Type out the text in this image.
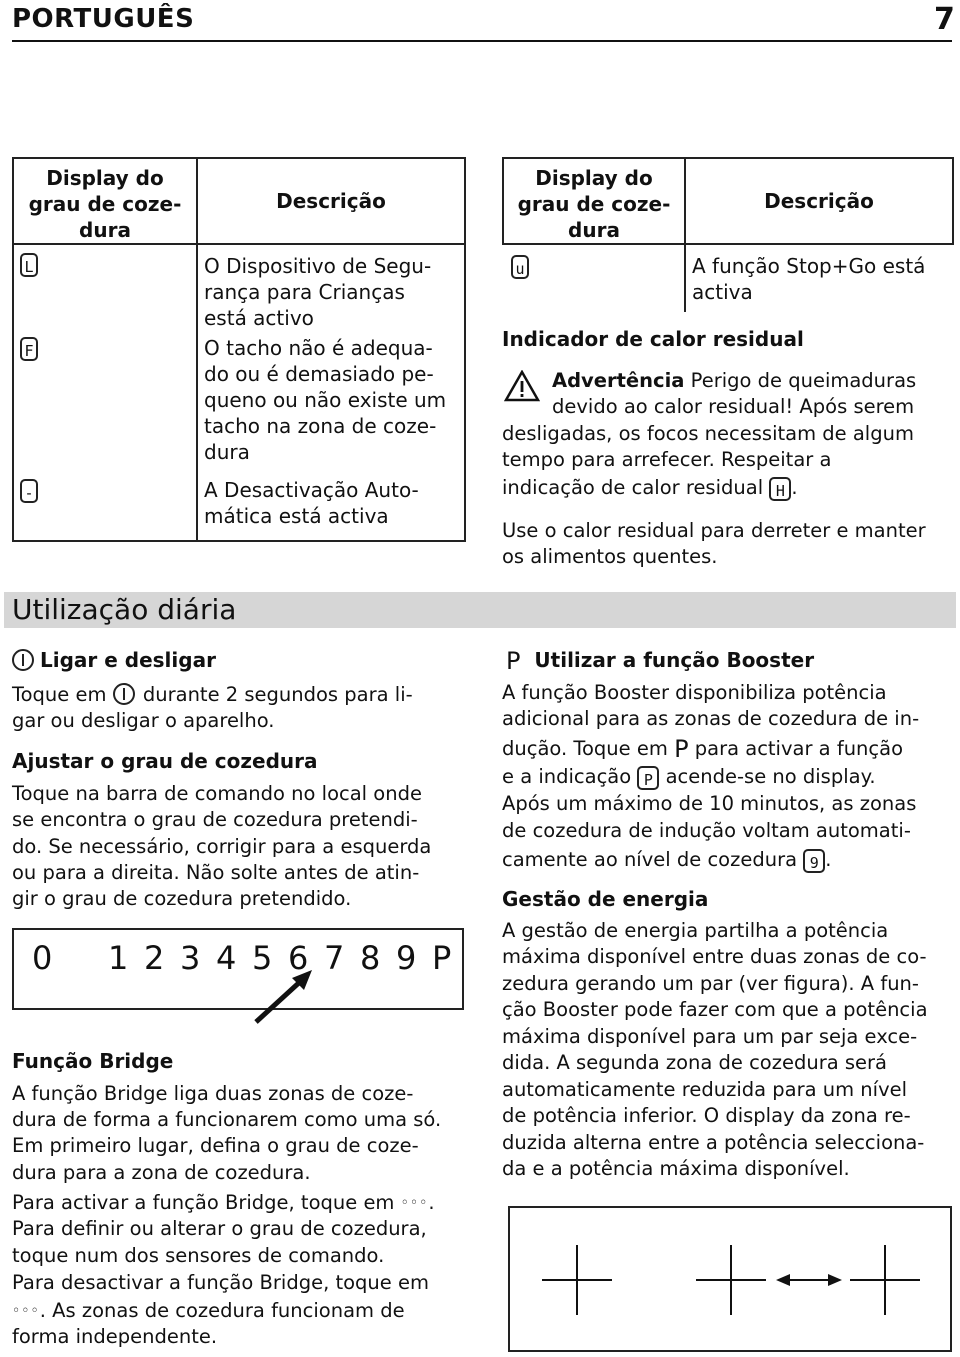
PORTUGUÊS	7
Display do
grau de coze-
dura	Descrição
L	O Dispositivo de Segu-
rança para Crianças
está activo

F	O tacho não é adequa-
do ou é demasiado pe-
queno ou não existe um
tacho na zona de coze-
dura

-	A Desactivação Auto-
mática está activa
Display do
grau de coze-
dura	Descrição
u	A função Stop+Go está
activa
Indicador de calor residual
Advertência Perigo de queimaduras
devido ao calor residual! Após serem
desligadas, os focos necessitam de algum
tempo para arrefecer. Respeitar a
indicação de calor residual H .
Use o calor residual para derreter e manter
os alimentos quentes.
Utilização diária
Ligar e desligar
Toque em durante 2 segundos para li-
gar ou desligar o aparelho.
Ajustar o grau de cozedura
Toque na barra de comando no local onde
se encontra o grau de cozedura pretendi-
do. Se necessário, corrigir para a esquerda
ou para a direita. Não solte antes de atin-
gir o grau de cozedura pretendido.
0 1 2 3 4 5 6 7 8 9 P
Função Bridge
A função Bridge liga duas zonas de coze-
dura de forma a funcionarem como uma só.
Em primeiro lugar, defina o grau de coze-
dura para a zona de cozedura.
Para activar a função Bridge, toque em ◦◦◦.
Para definir ou alterar o grau de cozedura,
toque num dos sensores de comando.
Para desactivar a função Bridge, toque em
◦◦◦. As zonas de cozedura funcionam de
forma independente.
P Utilizar a função Booster
A função Booster disponibiliza potência
adicional para as zonas de cozedura de in-
dução. Toque em P para activar a função
e a indicação P acende-se no display.
Após um máximo de 10 minutos, as zonas
de cozedura de indução voltam automati-
camente ao nível de cozedura 9 .
Gestão de energia
A gestão de energia partilha a potência
máxima disponível entre duas zonas de co-
zedura gerando um par (ver figura). A fun-
ção Booster pode fazer com que a potência
máxima disponível para um par seja exce-
dida. A segunda zona de cozedura será
automaticamente reduzida para um nível
de potência inferior. O display da zona re-
duzida alterna entre a potência selecciona-
da e a potência máxima disponível.
